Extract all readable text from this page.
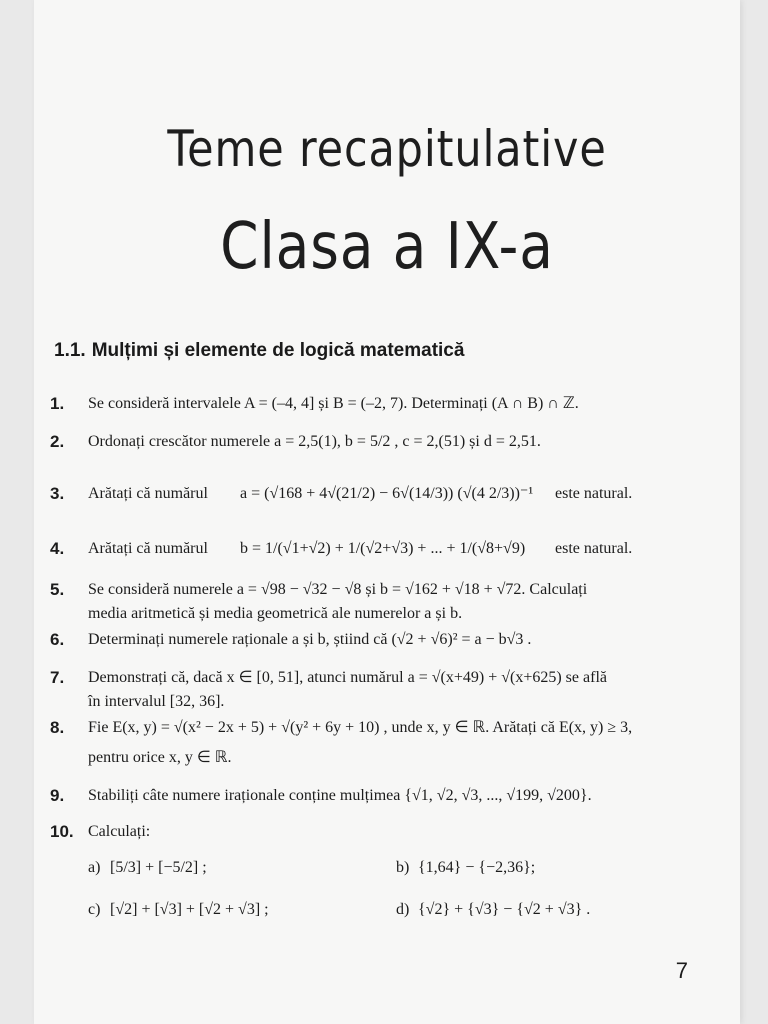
Teme recapitulative
Clasa a IX-a
1.1. Mulțimi și elemente de logică matematică
1.	Se consideră intervalele A = (–4, 4] și B = (–2, 7). Determinați (A ∩ B) ∩ ℤ.
2.	Ordonați crescător numerele a = 2,5(1), b = 5/2 , c = 2,(51) și d = 2,51.
3.	Arătați că numărul	a = (√168 + 4√(21/2) − 6√(14/3)) (√(4 2/3))⁻¹ este natural.
4.	Arătați că numărul	b = 1/(√1+√2) + 1/(√2+√3) + ... + 1/(√8+√9) este natural.
5.	Se consideră numerele a = √98 − √32 − √8 și b = √162 + √18 + √72. Calculați
media aritmetică și media geometrică ale numerelor a și b.
6.	Determinați numerele raționale a și b, știind că (√2 + √6)² = a − b√3 .
7.	Demonstrați că, dacă x ∈ [0, 51], atunci numărul a = √(x+49) + √(x+625) se află
în intervalul [32, 36].
8.	Fie E(x, y) = √(x² − 2x + 5) + √(y² + 6y + 10) , unde x, y ∈ ℝ. Arătați că E(x, y) ≥ 3,
pentru orice x, y ∈ ℝ.
9.	Stabiliți câte numere iraționale conține mulțimea {√1, √2, √3, ..., √199, √200}.
10. Calculați:
a) [5/3] + [−5/2] ;	b) {1,64} − {−2,36};
c) [√2] + [√3] + [√2 + √3] ;	d) {√2} + {√3} − {√2 + √3} .
7
